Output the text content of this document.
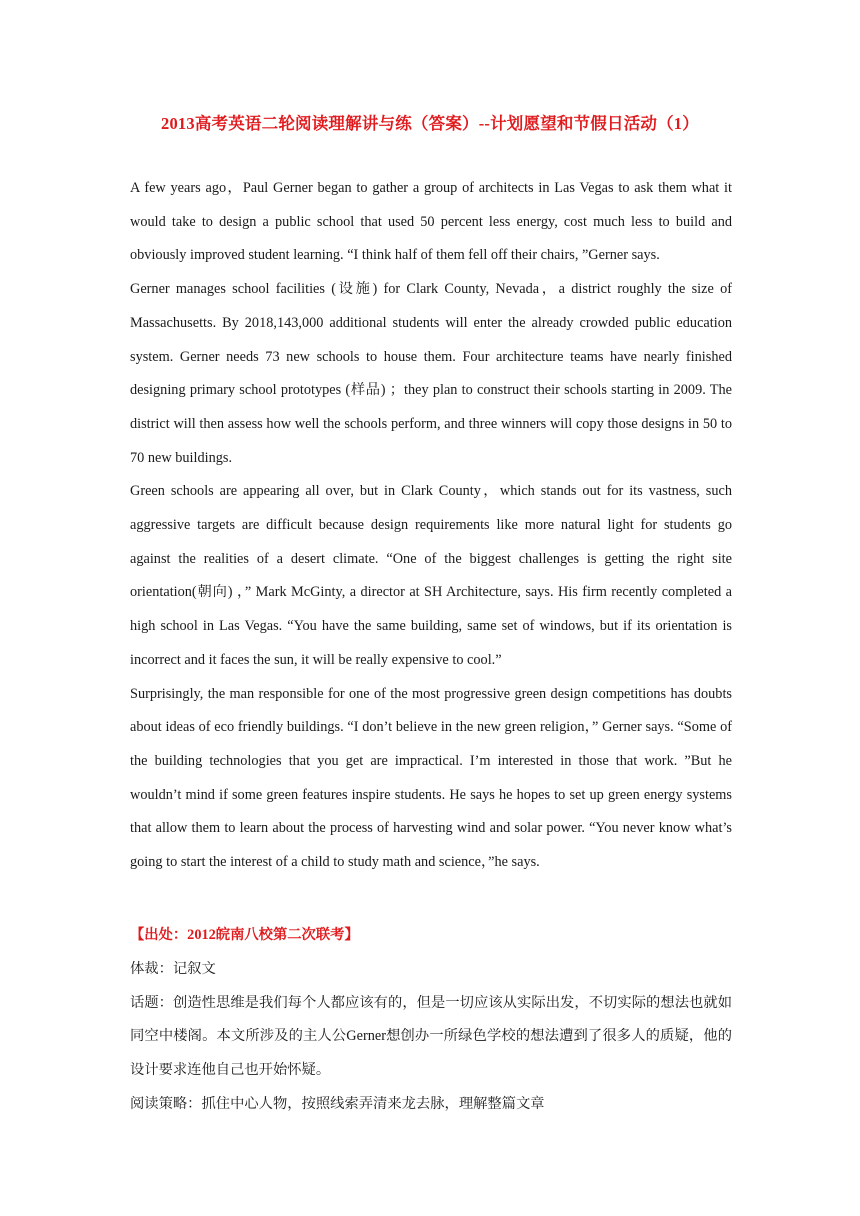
2013高考英语二轮阅读理解讲与练（答案）--计划愿望和节假日活动（1）

A few years ago，Paul Gerner began to gather a group of architects in Las Vegas to ask them what it would take to design a public school that used 50 percent less energy, cost much less to build and obviously improved student learning. “I think half of them fell off their chairs, ”Gerner says.

Gerner manages school facilities (设施) for Clark County, Nevada，a district roughly the size of Massachusetts. By 2018,143,000 additional students will enter the already crowded public education system. Gerner needs 73 new schools to house them. Four architecture teams have nearly finished designing primary school prototypes (样品) ；they plan to construct their schools starting in 2009. The district will then assess how well the schools perform, and three winners will copy those designs in 50 to 70 new buildings.

Green schools are appearing all over, but in Clark County，which stands out for its vastness, such aggressive targets are difficult because design requirements like more natural light for students go against the realities of a desert climate. “One of the biggest challenges is getting the right site orientation(朝向) ，” Mark McGinty, a director at SH Architecture, says. His firm recently completed a high school in Las Vegas. “You have the same building, same set of windows, but if its orientation is incorrect and it faces the sun, it will be really expensive to cool.”

Surprisingly, the man responsible for one of the most progressive green design competitions has doubts about ideas of eco friendly buildings. “I don’t believe in the new green religion，” Gerner says. “Some of the building technologies that you get are impractical. I’m interested in those that work. ”But he wouldn’t mind if some green features inspire students. He says he hopes to set up green energy systems that allow them to learn about the process of harvesting wind and solar power. “You never know what’s going to start the interest of a child to study math and science，”he says.

【出处：2012皖南八校第二次联考】

体裁：记叙文

话题：创造性思维是我们每个人都应该有的，但是一切应该从实际出发，不切实际的想法也就如同空中楼阁。本文所涉及的主人公Gerner想创办一所绿色学校的想法遭到了很多人的质疑，他的设计要求连他自己也开始怀疑。

阅读策略：抓住中心人物，按照线索弄清来龙去脉，理解整篇文章
